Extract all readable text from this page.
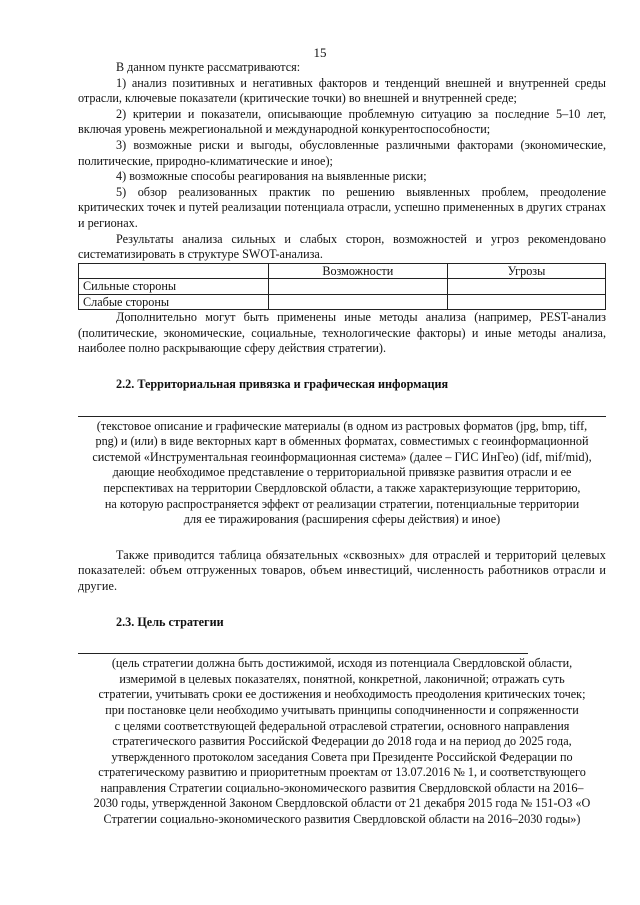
15

В данном пункте рассматриваются:

1) анализ позитивных и негативных факторов и тенденций внешней и внутренней среды отрасли, ключевые показатели (критические точки) во внешней и внутренней среде;

2) критерии и показатели, описывающие проблемную ситуацию за последние 5–10 лет, включая уровень межрегиональной и международной конкурентоспособности;

3) возможные риски и выгоды, обусловленные различными факторами (экономические, политические, природно-климатические и иное);

4) возможные способы реагирования на выявленные риски;

5) обзор реализованных практик по решению выявленных проблем, преодоление критических точек и путей реализации потенциала отрасли, успешно примененных в других странах и регионах.

Результаты анализа сильных и слабых сторон, возможностей и угроз рекомендовано систематизировать в структуре SWOT-анализа.

	Возможности	Угрозы
Сильные стороны		
Слабые стороны		

Дополнительно могут быть применены иные методы анализа (например, PEST-анализ (политические, экономические, социальные, технологические факторы) и иные методы анализа, наиболее полно раскрывающие сферу действия стратегии).

2.2. Территориальная привязка и графическая информация

(текстовое описание и графические материалы (в одном из растровых форматов (jpg, bmp, tiff,

png) и (или) в виде векторных карт в обменных форматах, совместимых с геоинформационной

системой «Инструментальная геоинформационная система» (далее – ГИС ИнГео) (idf, mif/mid),

дающие необходимое представление о территориальной привязке развития отрасли и ее

перспективах на территории Свердловской области, а также характеризующие территорию,

на которую распространяется эффект от реализации стратегии, потенциальные территории

для ее тиражирования (расширения сферы действия) и иное)

Также приводится таблица обязательных «сквозных» для отраслей и территорий целевых показателей: объем отгруженных товаров, объем инвестиций, численность работников отрасли и другие.

2.3. Цель стратегии

(цель стратегии должна быть достижимой, исходя из потенциала Свердловской области,

измеримой в целевых показателях, понятной, конкретной, лаконичной; отражать суть

стратегии, учитывать сроки ее достижения и необходимость преодоления критических точек;

при постановке цели необходимо учитывать принципы соподчиненности и сопряженности

с целями соответствующей федеральной отраслевой стратегии, основного направления

стратегического развития Российской Федерации до 2018 года и на период до 2025 года,

утвержденного протоколом заседания Совета при Президенте Российской Федерации по

стратегическому развитию и приоритетным проектам от 13.07.2016 № 1, и соответствующего

направления Стратегии социально-экономического развития Свердловской области на 2016–

2030 годы, утвержденной Законом Свердловской области от 21 декабря 2015 года № 151-ОЗ «О

Стратегии социально-экономического развития Свердловской области на 2016–2030 годы»)
